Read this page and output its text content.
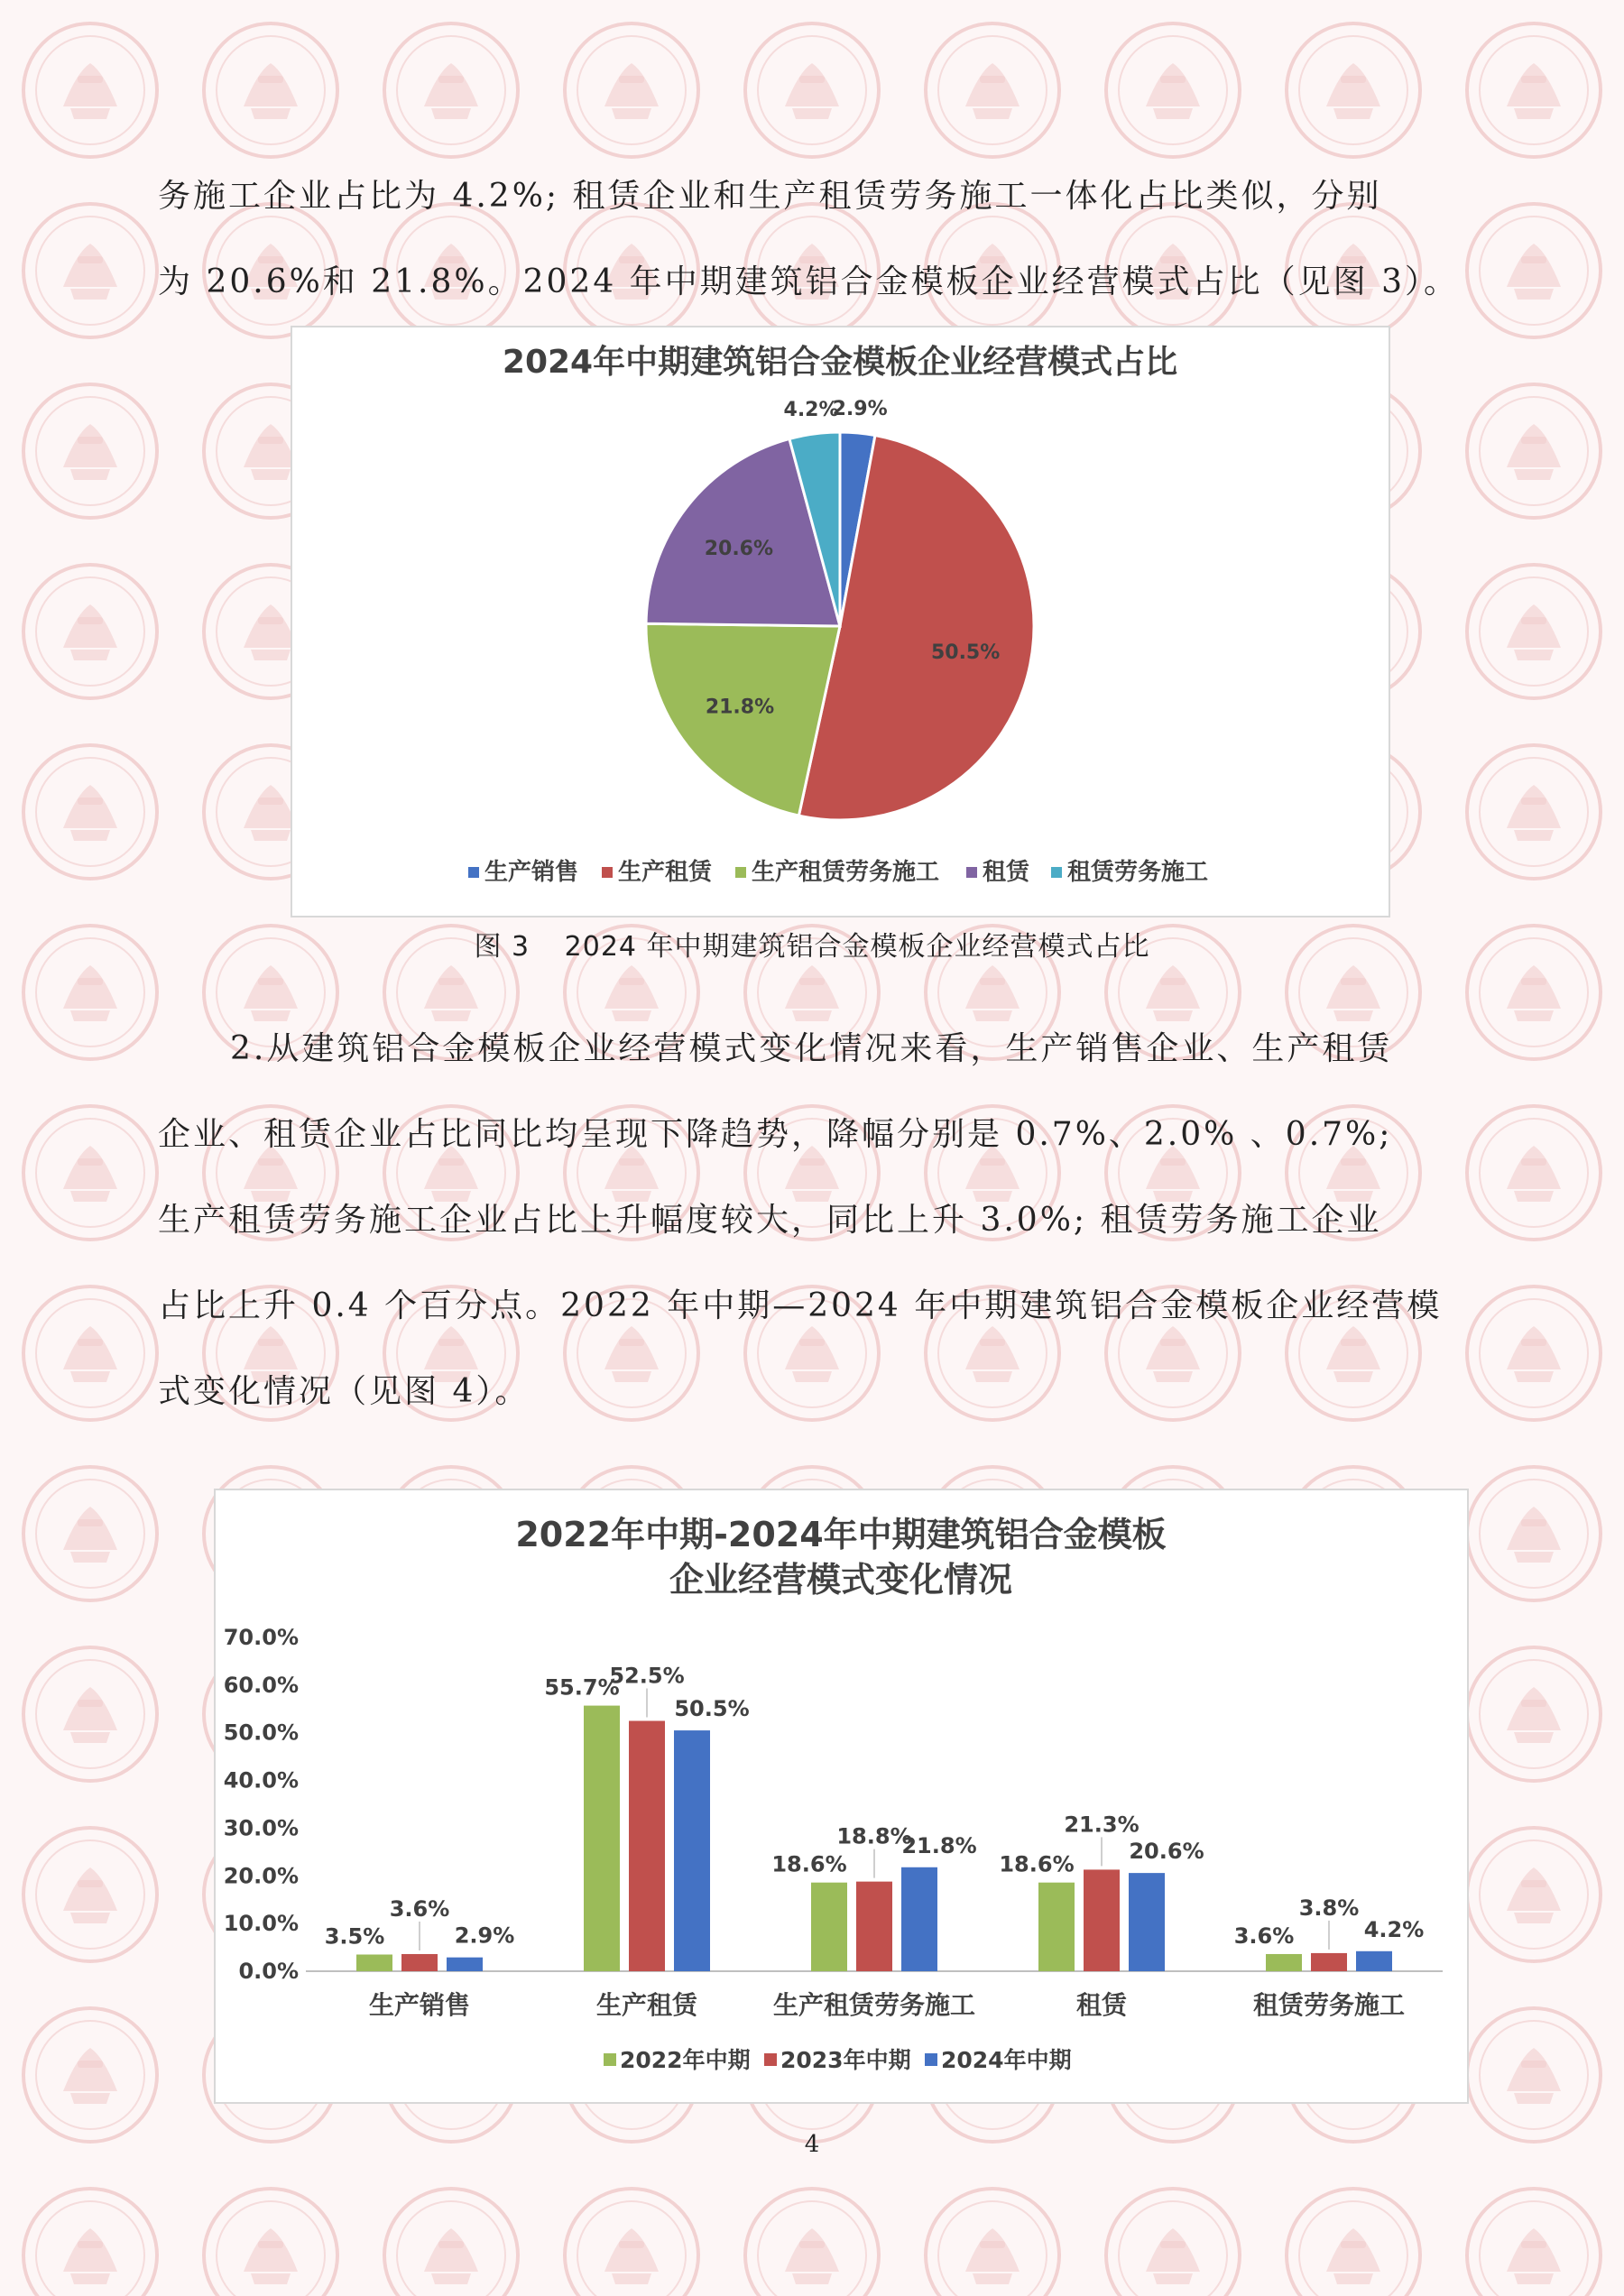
务施工企业占比为 4.2%; 租赁企业和生产租赁劳务施工一体化占比类似，分别
为 20.6%和 21.8%。2024 年中期建筑铝合金模板企业经营模式占比（见图 3）。
2024年中期建筑铝合金模板企业经营模式占比
2.9%
50.5%
21.8%
20.6%
4.2%
生产销售 生产租赁 生产租赁劳务施工 租赁 租赁劳务施工
图 3 2024 年中期建筑铝合金模板企业经营模式占比
2.从建筑铝合金模板企业经营模式变化情况来看，生产销售企业、生产租赁
企业、租赁企业占比同比均呈现下降趋势，降幅分别是 0.7%、2.0% 、0.7%;
生产租赁劳务施工企业占比上升幅度较大，同比上升 3.0%; 租赁劳务施工企业
占比上升 0.4 个百分点。2022 年中期—2024 年中期建筑铝合金模板企业经营模
式变化情况（见图 4）。
2022年中期-2024年中期建筑铝合金模板
企业经营模式变化情况
0.0%
10.0%
20.0%
30.0%
40.0%
50.0%
60.0%
70.0%
生产销售	生产租赁	生产租赁劳务施工	租赁	租赁劳务施工
3.5%
3.6%
2.9%
55.7%
52.5%
50.5%
18.6%
18.8%
21.8%
18.6%
21.3%
20.6%
3.6%
3.8%
4.2%
2022年中期 2023年中期 2024年中期
4
